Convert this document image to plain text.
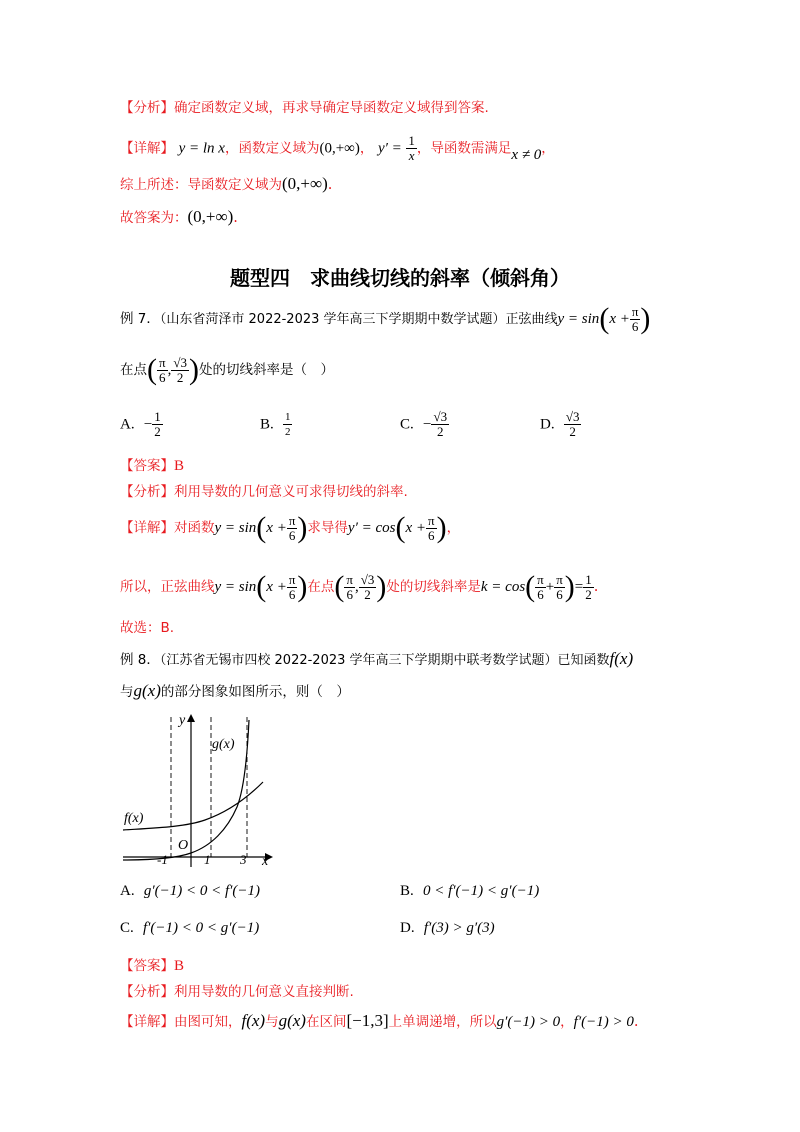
【分析】确定函数定义域，再求导确定导函数定义域得到答案.
【详解】 y = ln x，函数定义域为(0,+∞)， $y' = \frac{1}{x}$ ，导函数需满足x ≠ 0，
综上所述：导函数定义域为(0,+∞).
故答案为：(0,+∞).
题型四　求曲线切线的斜率（倾斜角）
例 7．（山东省菏泽市 2022-2023 学年高三下学期期中数学试题）正弦曲线$y = \sin(x + \frac{\pi}{6}$ )
在点( $\frac{\pi}{6}$ , $\frac{√3}{2}$ )处的切线斜率是（　）
A. − $\frac{1}{2}$	B. $\frac{1}{2}$	C. − $\frac{√3}{2}$	D. $\frac{√3}{2}$
【答案】B
【分析】利用导数的几何意义可求得切线的斜率.
【详解】对函数$y = \sin(x + \frac{\pi}{6}$ )求导得$y' = \cos(x + \frac{\pi}{6}$ )，
所以，正弦曲线$y = \sin(x + \frac{\pi}{6}$ )在点( $\frac{\pi}{6}$ , $\frac{√3}{2}$ )处的切线斜率是$k = \cos( \frac{\pi}{6} + \frac{\pi}{6}$ )= $\frac{1}{2}$ .
故选：B.
例 8．（江苏省无锡市四校 2022-2023 学年高三下学期期中联考数学试题）已知函数f(x)
与g(x)的部分图象如图所示，则（　）
y
x
O
g(x)
f(x)
-1	1 3
A. g′(−1) < 0 < f′(−1)	B. 0 < f′(−1) < g′(−1)
C. f′(−1) < 0 < g′(−1)	D. f′(3) > g′(3)
【答案】B
【分析】利用导数的几何意义直接判断.
【详解】由图可知，f(x)与g(x)在区间[−1,3]上单调递增，所以g′(−1) > 0，f′(−1) > 0.
